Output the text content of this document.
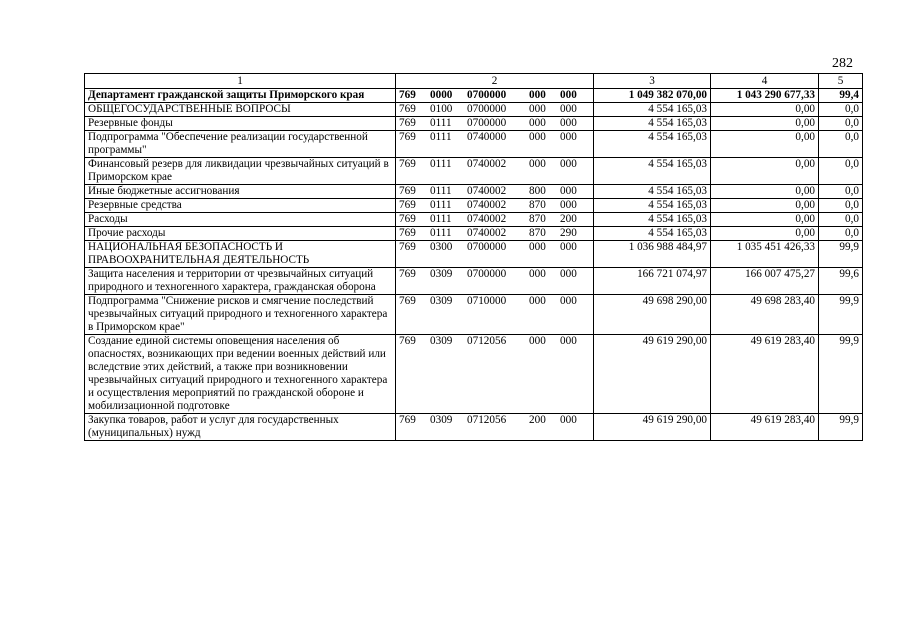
282
1	2	3	4	5
Департамент гражданской защиты Приморского края	769 0000 0700000 000 000	1 049 382 070,00	1 043 290 677,33	99,4
ОБЩЕГОСУДАРСТВЕННЫЕ ВОПРОСЫ	769 0100 0700000 000 000	4 554 165,03	0,00	0,0
Резервные фонды	769 0111 0700000 000 000	4 554 165,03	0,00	0,0
Подпрограмма "Обеспечение реализации государственной программы"	769 0111 0740000 000 000	4 554 165,03	0,00	0,0
Финансовый резерв для ликвидации чрезвычайных ситуаций в Приморском крае	769 0111 0740002 000 000	4 554 165,03	0,00	0,0
Иные бюджетные ассигнования	769 0111 0740002 800 000	4 554 165,03	0,00	0,0
Резервные средства	769 0111 0740002 870 000	4 554 165,03	0,00	0,0
Расходы	769 0111 0740002 870 200	4 554 165,03	0,00	0,0
Прочие расходы	769 0111 0740002 870 290	4 554 165,03	0,00	0,0
НАЦИОНАЛЬНАЯ БЕЗОПАСНОСТЬ И ПРАВООХРАНИТЕЛЬНАЯ ДЕЯТЕЛЬНОСТЬ	769 0300 0700000 000 000	1 036 988 484,97	1 035 451 426,33	99,9
Защита населения и территории от чрезвычайных ситуаций природного и техногенного характера, гражданская оборона	769 0309 0700000 000 000	166 721 074,97	166 007 475,27	99,6
Подпрограмма "Снижение рисков и смягчение последствий чрезвычайных ситуаций природного и техногенного характера в Приморском крае"	769 0309 0710000 000 000	49 698 290,00	49 698 283,40	99,9
Создание единой системы оповещения населения об опасностях, возникающих при ведении военных действий или вследствие этих действий, а также при возникновении чрезвычайных ситуаций природного и техногенного характера и осуществления мероприятий по гражданской обороне и мобилизационной подготовке	769 0309 0712056 000 000	49 619 290,00	49 619 283,40	99,9
Закупка товаров, работ и услуг для государственных (муниципальных) нужд	769 0309 0712056 200 000	49 619 290,00	49 619 283,40	99,9
